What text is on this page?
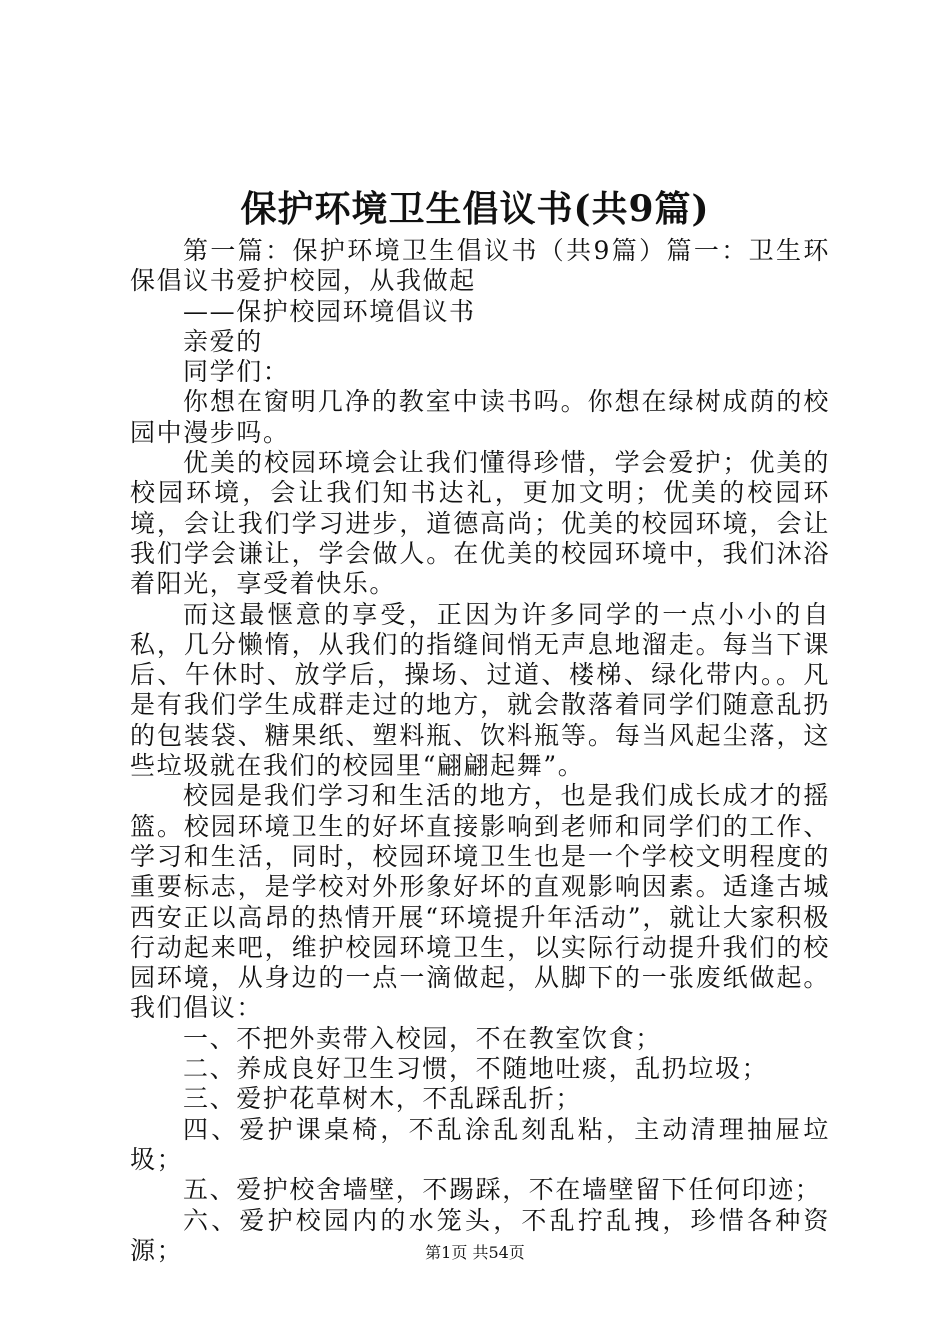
保护环境卫生倡议书(共9篇)

第一篇：保护环境卫生倡议书（共9篇）篇一：卫生环保倡议书爱护校园，从我做起

——保护校园环境倡议书

亲爱的

同学们：

你想在窗明几净的教室中读书吗。你想在绿树成荫的校园中漫步吗。

优美的校园环境会让我们懂得珍惜，学会爱护；优美的校园环境，会让我们知书达礼，更加文明；优美的校园环境，会让我们学习进步，道德高尚；优美的校园环境，会让我们学会谦让，学会做人。在优美的校园环境中，我们沐浴着阳光，享受着快乐。

而这最惬意的享受，正因为许多同学的一点小小的自私，几分懒惰，从我们的指缝间悄无声息地溜走。每当下课后、午休时、放学后，操场、过道、楼梯、绿化带内。。凡是有我们学生成群走过的地方，就会散落着同学们随意乱扔的包装袋、糖果纸、塑料瓶、饮料瓶等。每当风起尘落，这些垃圾就在我们的校园里“翩翩起舞”。

校园是我们学习和生活的地方，也是我们成长成才的摇篮。校园环境卫生的好坏直接影响到老师和同学们的工作、学习和生活，同时，校园环境卫生也是一个学校文明程度的重要标志，是学校对外形象好坏的直观影响因素。适逢古城西安正以高昂的热情开展“环境提升年活动”，就让大家积极行动起来吧，维护校园环境卫生，以实际行动提升我们的校园环境，从身边的一点一滴做起，从脚下的一张废纸做起。我们倡议：

一、不把外卖带入校园，不在教室饮食；

二、养成良好卫生习惯，不随地吐痰，乱扔垃圾；

三、爱护花草树木，不乱踩乱折；

四、爱护课桌椅，不乱涂乱刻乱粘，主动清理抽屉垃圾；

五、爱护校舍墙壁，不踢踩，不在墙壁留下任何印迹；

六、爱护校园内的水笼头，不乱拧乱拽，珍惜各种资源；	第1页 共54页
